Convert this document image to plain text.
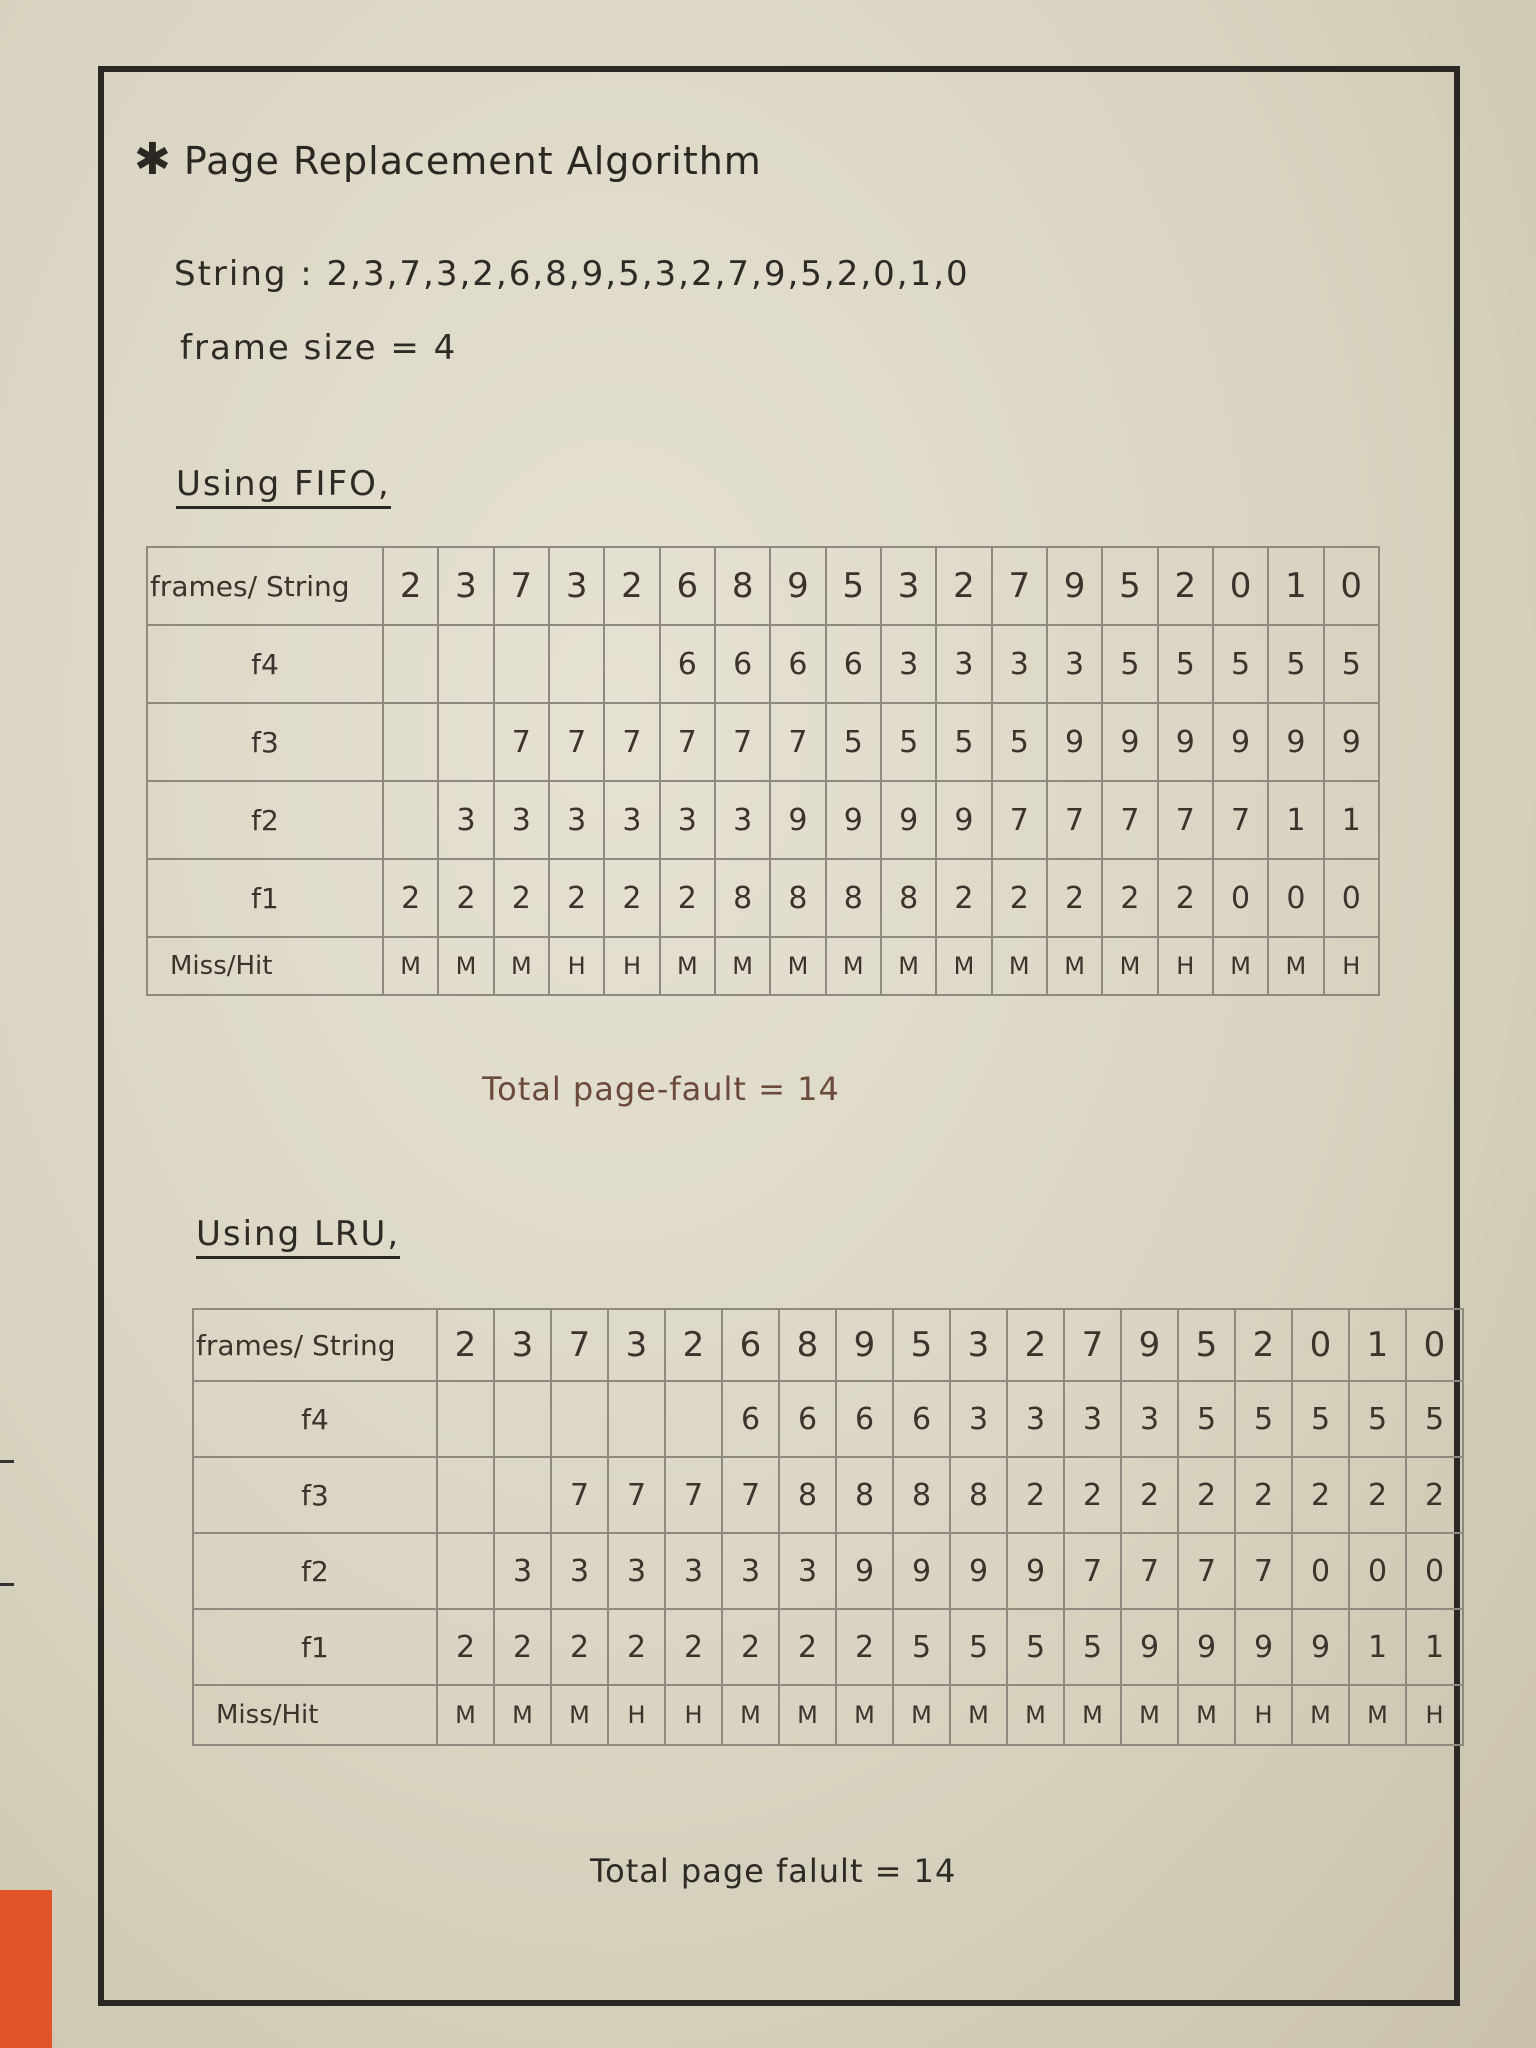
✱ Page Replacement Algorithm
String : 2,3,7,3,2,6,8,9,5,3,2,7,9,5,2,0,1,0
frame size = 4
Using FIFO,
frames/ String	2	3	7	3	2	6	8	9	5	3	2	7	9	5	2	0	1	0
f4						6	6	6	6	3	3	3	3	5	5	5	5	5
f3			7	7	7	7	7	7	5	5	5	5	9	9	9	9	9	9
f2		3	3	3	3	3	3	9	9	9	9	7	7	7	7	7	1	1
f1	2	2	2	2	2	2	8	8	8	8	2	2	2	2	2	0	0	0
Miss/Hit	M	M	M	H	H	M	M	M	M	M	M	M	M	M	H	M	M	H
Total page-fault = 14
Using LRU,
frames/ String	2	3	7	3	2	6	8	9	5	3	2	7	9	5	2	0	1	0
f4						6	6	6	6	3	3	3	3	5	5	5	5	5
f3			7	7	7	7	8	8	8	8	2	2	2	2	2	2	2	2
f2		3	3	3	3	3	3	9	9	9	9	7	7	7	7	0	0	0
f1	2	2	2	2	2	2	2	2	5	5	5	5	9	9	9	9	1	1
Miss/Hit	M	M	M	H	H	M	M	M	M	M	M	M	M	M	H	M	M	H
Total page falult = 14
